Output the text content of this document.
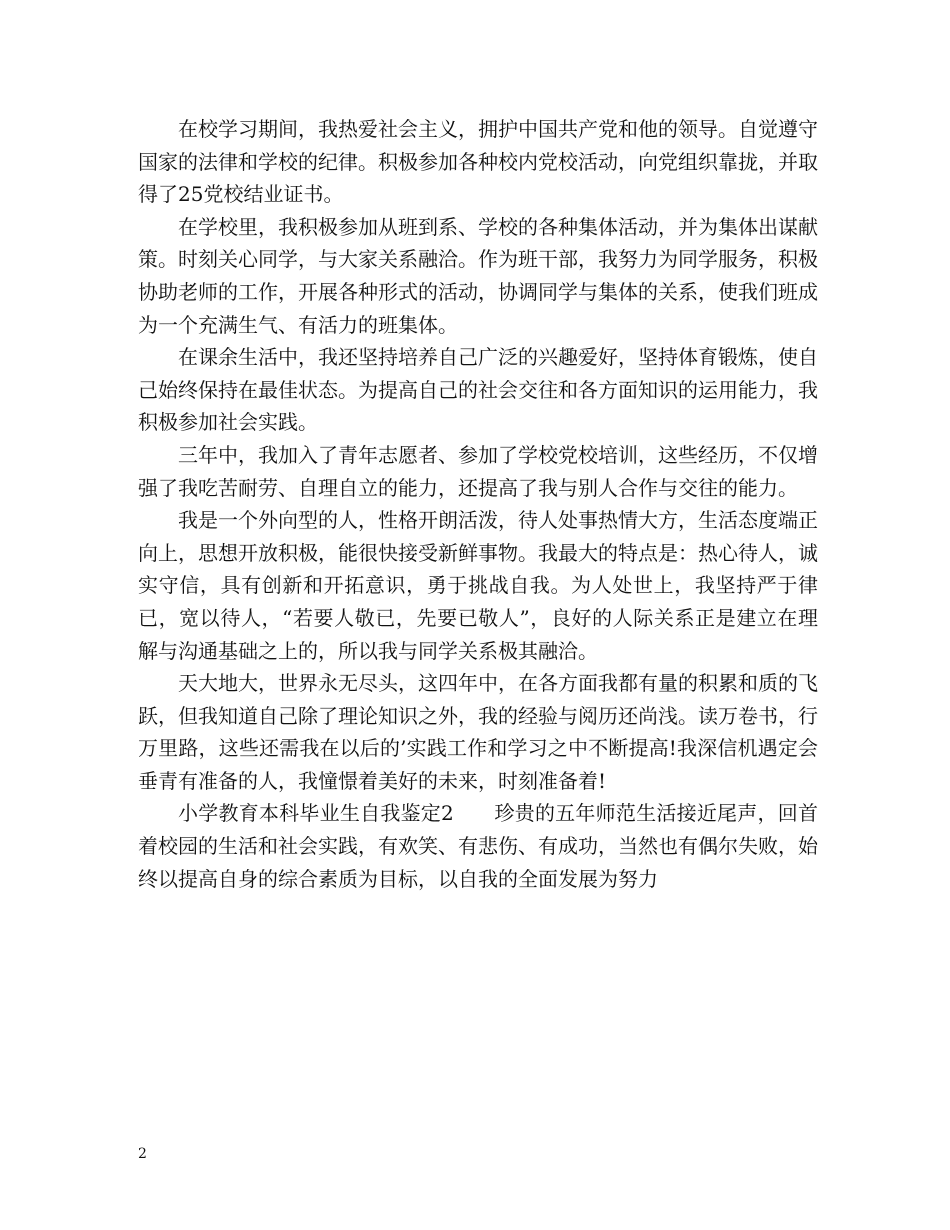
在校学习期间，我热爱社会主义，拥护中国共产党和他的领导。自觉遵守国家的法律和学校的纪律。积极参加各种校内党校活动，向党组织靠拢，并取得了25党校结业证书。

在学校里，我积极参加从班到系、学校的各种集体活动，并为集体出谋献策。时刻关心同学，与大家关系融洽。作为班干部，我努力为同学服务，积极协助老师的工作，开展各种形式的活动，协调同学与集体的关系，使我们班成为一个充满生气、有活力的班集体。

在课余生活中，我还坚持培养自己广泛的兴趣爱好，坚持体育锻炼，使自己始终保持在最佳状态。为提高自己的社会交往和各方面知识的运用能力，我积极参加社会实践。

三年中，我加入了青年志愿者、参加了学校党校培训，这些经历，不仅增强了我吃苦耐劳、自理自立的能力，还提高了我与别人合作与交往的能力。

我是一个外向型的人，性格开朗活泼，待人处事热情大方，生活态度端正向上，思想开放积极，能很快接受新鲜事物。我最大的特点是：热心待人，诚实守信，具有创新和开拓意识，勇于挑战自我。为人处世上，我坚持严于律已，宽以待人，“若要人敬已，先要已敬人”，良好的人际关系正是建立在理解与沟通基础之上的，所以我与同学关系极其融洽。

天大地大，世界永无尽头，这四年中，在各方面我都有量的积累和质的飞跃，但我知道自己除了理论知识之外，我的经验与阅历还尚浅。读万卷书，行万里路，这些还需我在以后的’实践工作和学习之中不断提高!我深信机遇定会垂青有准备的人，我憧憬着美好的未来，时刻准备着!

小学教育本科毕业生自我鉴定2　　珍贵的五年师范生活接近尾声，回首着校园的生活和社会实践，有欢笑、有悲伤、有成功，当然也有偶尔失败，始终以提高自身的综合素质为目标，以自我的全面发展为努力

2
